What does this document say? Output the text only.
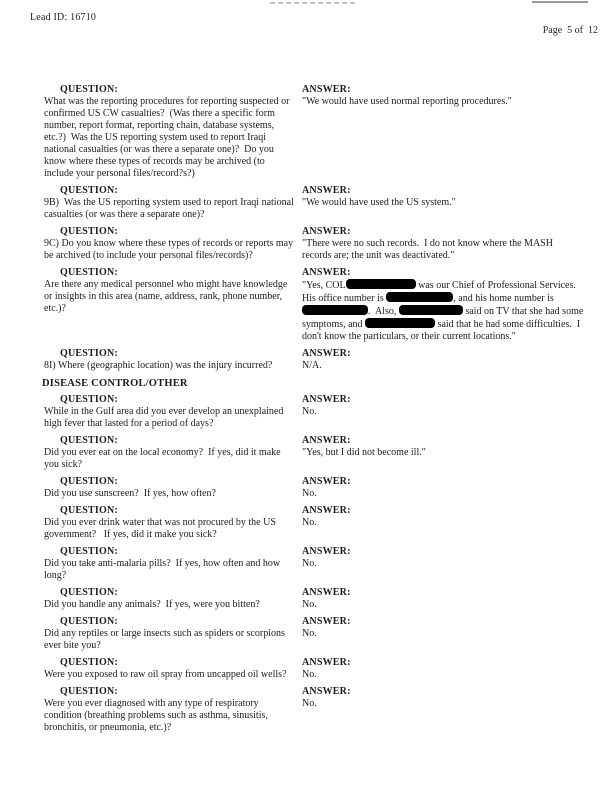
Lead ID: 16710
Page  5 of  12
QUESTION:
What was the reporting procedures for reporting suspected or confirmed US CW casualties?  (Was there a specific form number, report format, reporting chain, database systems, etc.?)  Was the US reporting system used to report Iraqi national casualties (or was there a separate one)?  Do you know where these types of records may be archived (to include your personal files/record?s?)
ANSWER:
"We would have used normal reporting procedures."
QUESTION:
9B)  Was the US reporting system used to report Iraqi national casualties (or was there a separate one)?
ANSWER:
"We would have used the US system."
QUESTION:
9C) Do you know where these types of records or reports may be archived (to include your personal files/records)?
ANSWER:
"There were no such records.  I do not know where the MASH records are; the unit was deactivated."
QUESTION:
Are there any medical personnel who might have knowledge or insights in this area (name, address, rank, phone number, etc.)?
ANSWER:
"Yes, COL	was our Chief of Professional Services.  His office number is	, and his home number is .  Also,	said on TV that she had some symptoms, and	said that he had some difficulties.  I don't know the particulars, or their current locations."
QUESTION:
8I) Where (geographic location) was the injury incurred?
ANSWER:
N/A.
DISEASE CONTROL/OTHER
QUESTION:
While in the Gulf area did you ever develop an unexplained high fever that lasted for a period of days?
ANSWER:
No.
QUESTION:
Did you ever eat on the local economy?  If yes, did it make you sick?
ANSWER:
"Yes, but I did not become ill."
QUESTION:
Did you use sunscreen?  If yes, how often?
ANSWER:
No.
QUESTION:
Did you ever drink water that was not procured by the US government?   If yes, did it make you sick?
ANSWER:
No.
QUESTION:
Did you take anti-malaria pills?  If yes, how often and how long?
ANSWER:
No.
QUESTION:
Did you handle any animals?  If yes, were you bitten?
ANSWER:
No.
QUESTION:
Did any reptiles or large insects such as spiders or scorpions ever bite you?
ANSWER:
No.
QUESTION:
Were you exposed to raw oil spray from uncapped oil wells?
ANSWER:
No.
QUESTION:
Were you ever diagnosed with any type of respiratory condition (breathing problems such as asthma, sinusitis, bronchitis, or pneumonia, etc.)?
ANSWER:
No.
